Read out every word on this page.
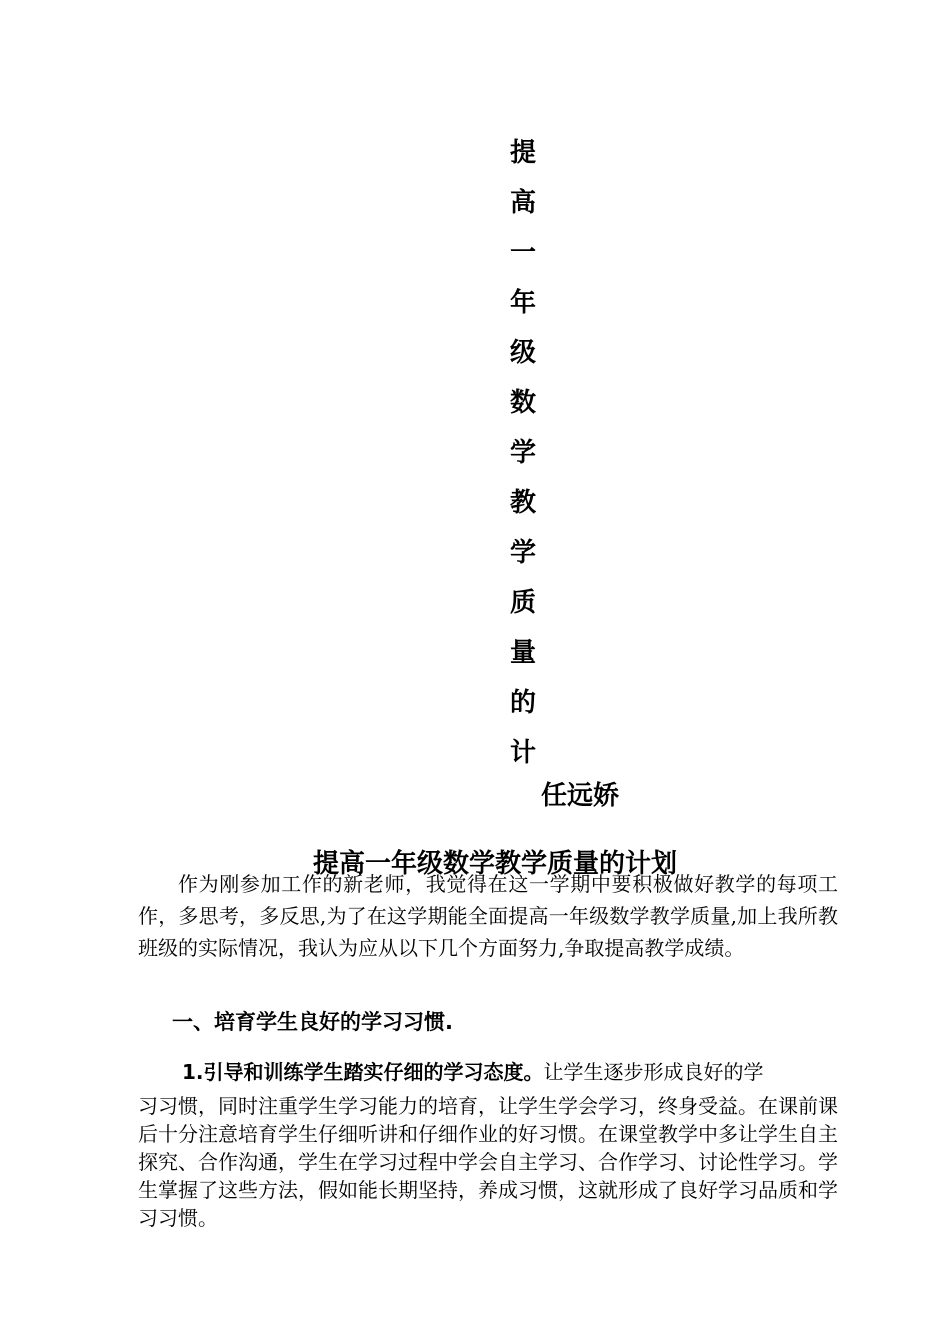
提
高
一
年
级
数
学
教
学
质
量
的
计
任远娇
提高一年级数学教学质量的计划

作为刚参加工作的新老师，我觉得在这一学期中要积极做好教学的每项工作，多思考，多反思,为了在这学期能全面提高一年级数学教学质量,加上我所教班级的实际情况，我认为应从以下几个方面努力,争取提高教学成绩。

一、培育学生良好的学习习惯.

1.引导和训练学生踏实仔细的学习态度。让学生逐步形成良好的学
习习惯，同时注重学生学习能力的培育，让学生学会学习，终身受益。在课前课后十分注意培育学生仔细听讲和仔细作业的好习惯。在课堂教学中多让学生自主探究、合作沟通，学生在学习过程中学会自主学习、合作学习、讨论性学习。学生掌握了这些方法，假如能长期坚持，养成习惯，这就形成了良好学习品质和学习习惯。
